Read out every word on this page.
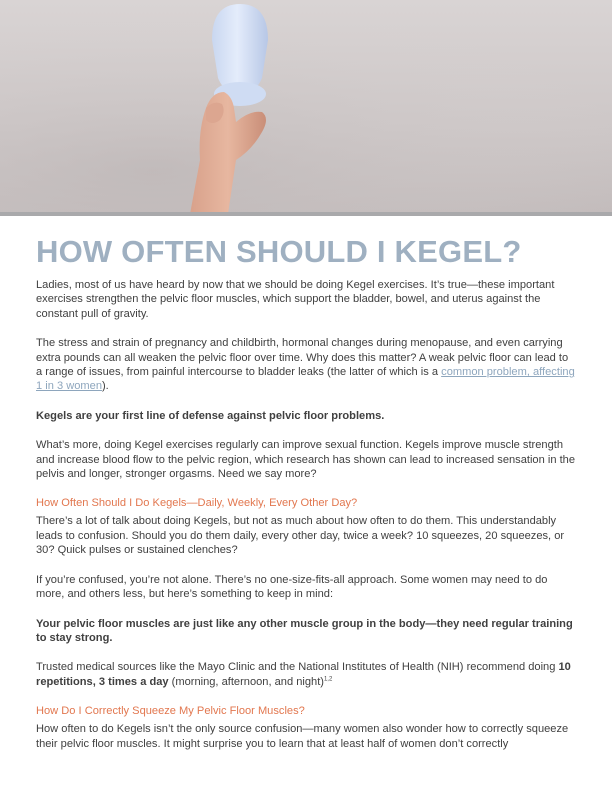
HOW OFTEN SHOULD I KEGEL?

Ladies, most of us have heard by now that we should be doing Kegel exercises. It’s true—these important exercises strengthen the pelvic floor muscles, which support the bladder, bowel, and uterus against the constant pull of gravity.

The stress and strain of pregnancy and childbirth, hormonal changes during menopause, and even carrying extra pounds can all weaken the pelvic floor over time. Why does this matter? A weak pelvic floor can lead to a range of issues, from painful intercourse to bladder leaks (the latter of which is a common problem, affecting 1 in 3 women).

Kegels are your first line of defense against pelvic floor problems.

What’s more, doing Kegel exercises regularly can improve sexual function. Kegels improve muscle strength and increase blood flow to the pelvic region, which research has shown can lead to increased sensation in the pelvis and longer, stronger orgasms. Need we say more?

How Often Should I Do Kegels—Daily, Weekly, Every Other Day?

There’s a lot of talk about doing Kegels, but not as much about how often to do them. This understandably leads to confusion. Should you do them daily, every other day, twice a week? 10 squeezes, 20 squeezes, or 30? Quick pulses or sustained clenches?

If you’re confused, you’re not alone. There’s no one-size-fits-all approach. Some women may need to do more, and others less, but here’s something to keep in mind:

Your pelvic floor muscles are just like any other muscle group in the body—they need regular training to stay strong.

Trusted medical sources like the Mayo Clinic and the National Institutes of Health (NIH) recommend doing 10 repetitions, 3 times a day (morning, afternoon, and night)$^{1,2}$

How Do I Correctly Squeeze My Pelvic Floor Muscles?

How often to do Kegels isn’t the only source confusion—many women also wonder how to correctly squeeze their pelvic floor muscles. It might surprise you to learn that at least half of women don’t correctly
